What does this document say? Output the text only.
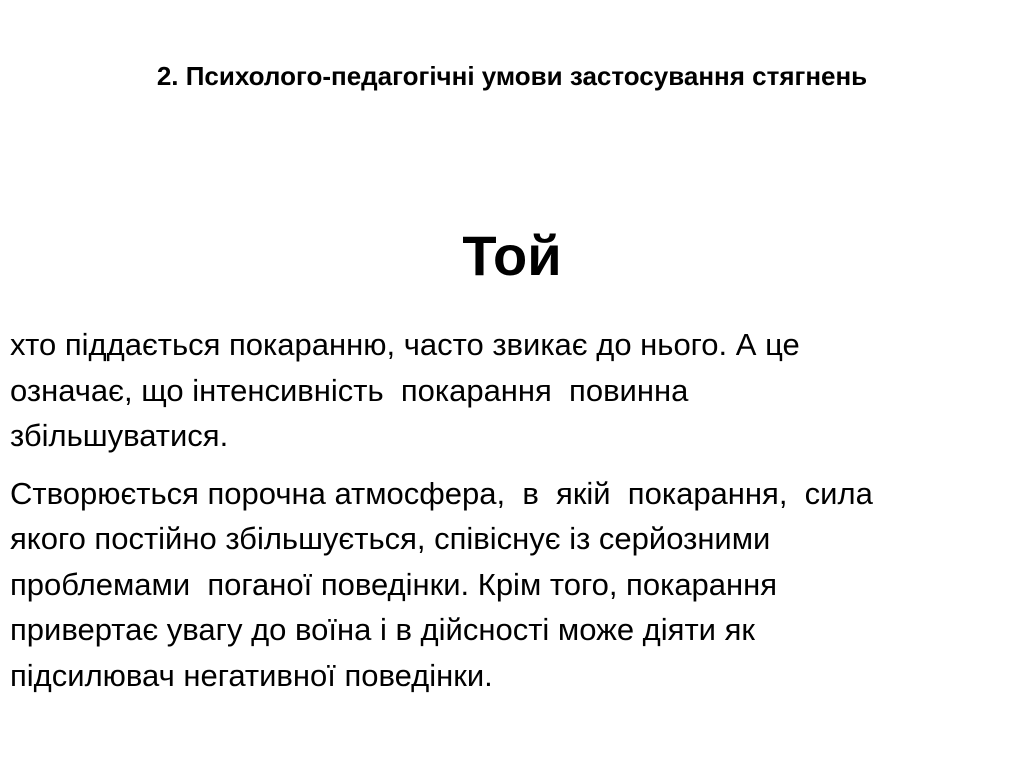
2. Психолого-педагогічні умови застосування стягнень
Той

хто піддається покаранню, часто звикає до нього. А це
означає, що інтенсивність  покарання  повинна
збільшуватися.

Створюється порочна атмосфера,  в  якій  покарання,  сила
якого постійно збільшується, співіснує із серйозними
проблемами  поганої поведінки. Крім того, покарання
привертає увагу до воїна і в дійсності може діяти як
підсилювач негативної поведінки.
